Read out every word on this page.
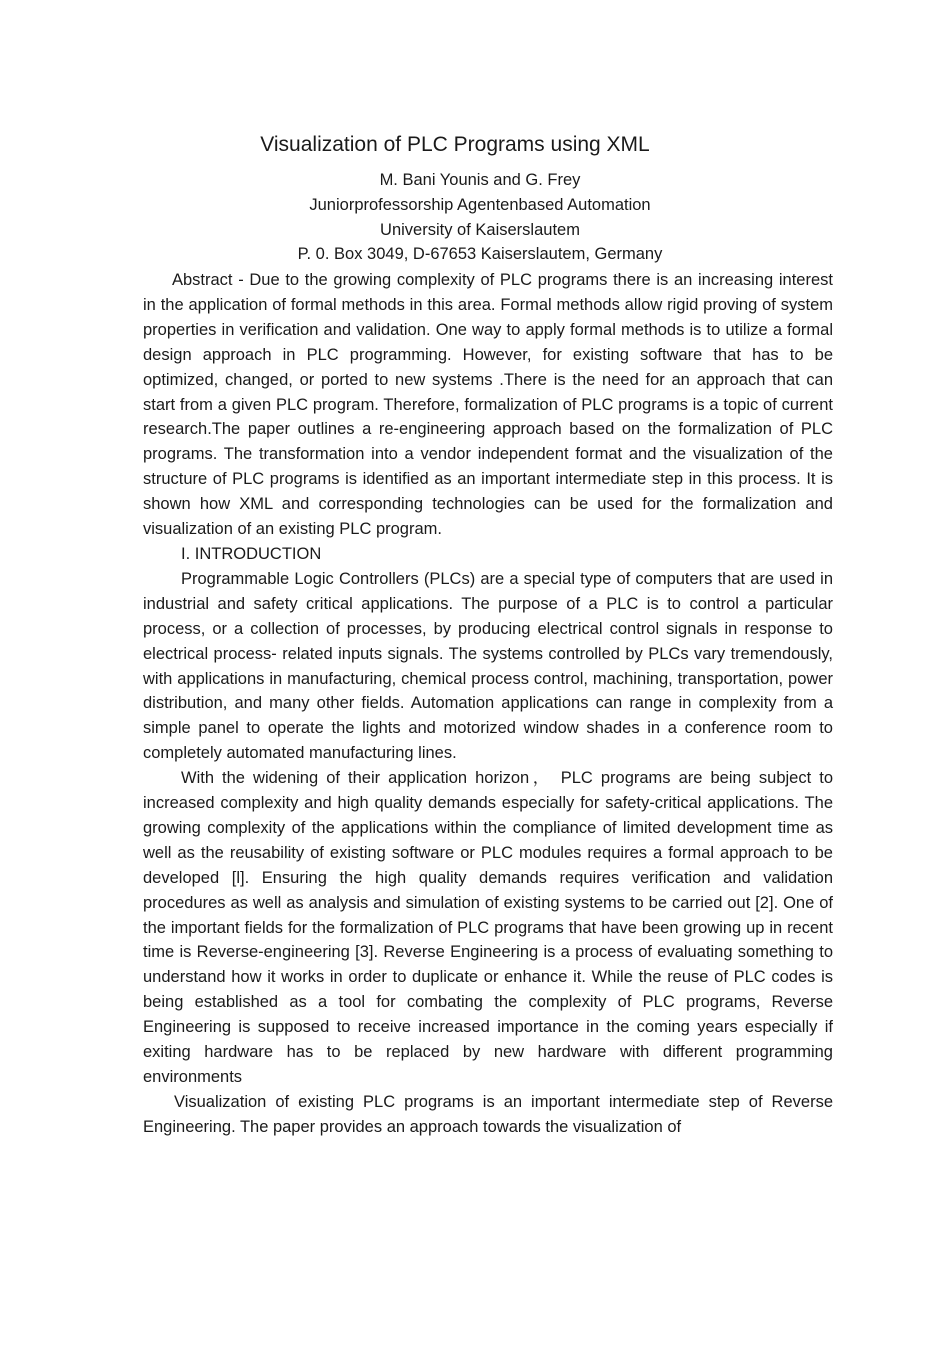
Visualization of PLC Programs using XML
M. Bani Younis and G. Frey
Juniorprofessorship Agentenbased Automation
University of Kaiserslautem
P. 0. Box 3049, D-67653 Kaiserslautem, Germany

Abstract - Due to the growing complexity of PLC programs there is an increasing interest in the application of formal methods in this area. Formal methods allow rigid proving of system properties in verification and validation. One way to apply formal methods is to utilize a formal design approach in PLC programming. However, for existing software that has to be optimized, changed, or ported to new systems .There is the need for an approach that can start from a given PLC program. Therefore, formalization of PLC programs is a topic of current research.The paper outlines a re-engineering approach based on the formalization of PLC programs. The transformation into a vendor independent format and the visualization of the structure of PLC programs is identified as an important intermediate step in this process. It is shown how XML and corresponding technologies can be used for the formalization and visualization of an existing PLC program.

I. INTRODUCTION

Programmable Logic Controllers (PLCs) are a special type of computers that are used in industrial and safety critical applications. The purpose of a PLC is to control a particular process, or a collection of processes, by producing electrical control signals in response to electrical process- related inputs signals. The systems controlled by PLCs vary tremendously, with applications in manufacturing, chemical process control, machining, transportation, power distribution, and many other fields. Automation applications can range in complexity from a simple panel to operate the lights and motorized window shades in a conference room to completely automated manufacturing lines.

With the widening of their application horizon， PLC programs are being subject to increased complexity and high quality demands especially for safety-critical applications. The growing complexity of the applications within the compliance of limited development time as well as the reusability of existing software or PLC modules requires a formal approach to be developed [l]. Ensuring the high quality demands requires verification and validation procedures as well as analysis and simulation of existing systems to be carried out [2]. One of the important fields for the formalization of PLC programs that have been growing up in recent time is Reverse-engineering [3]. Reverse Engineering is a process of evaluating something to understand how it works in order to duplicate or enhance it. While the reuse of PLC codes is being established as a tool for combating the complexity of PLC programs, Reverse Engineering is supposed to receive increased importance in the coming years especially if exiting hardware has to be replaced by new hardware with different programming environments

Visualization of existing PLC programs is an important intermediate step of Reverse Engineering. The paper provides an approach towards the visualization of
